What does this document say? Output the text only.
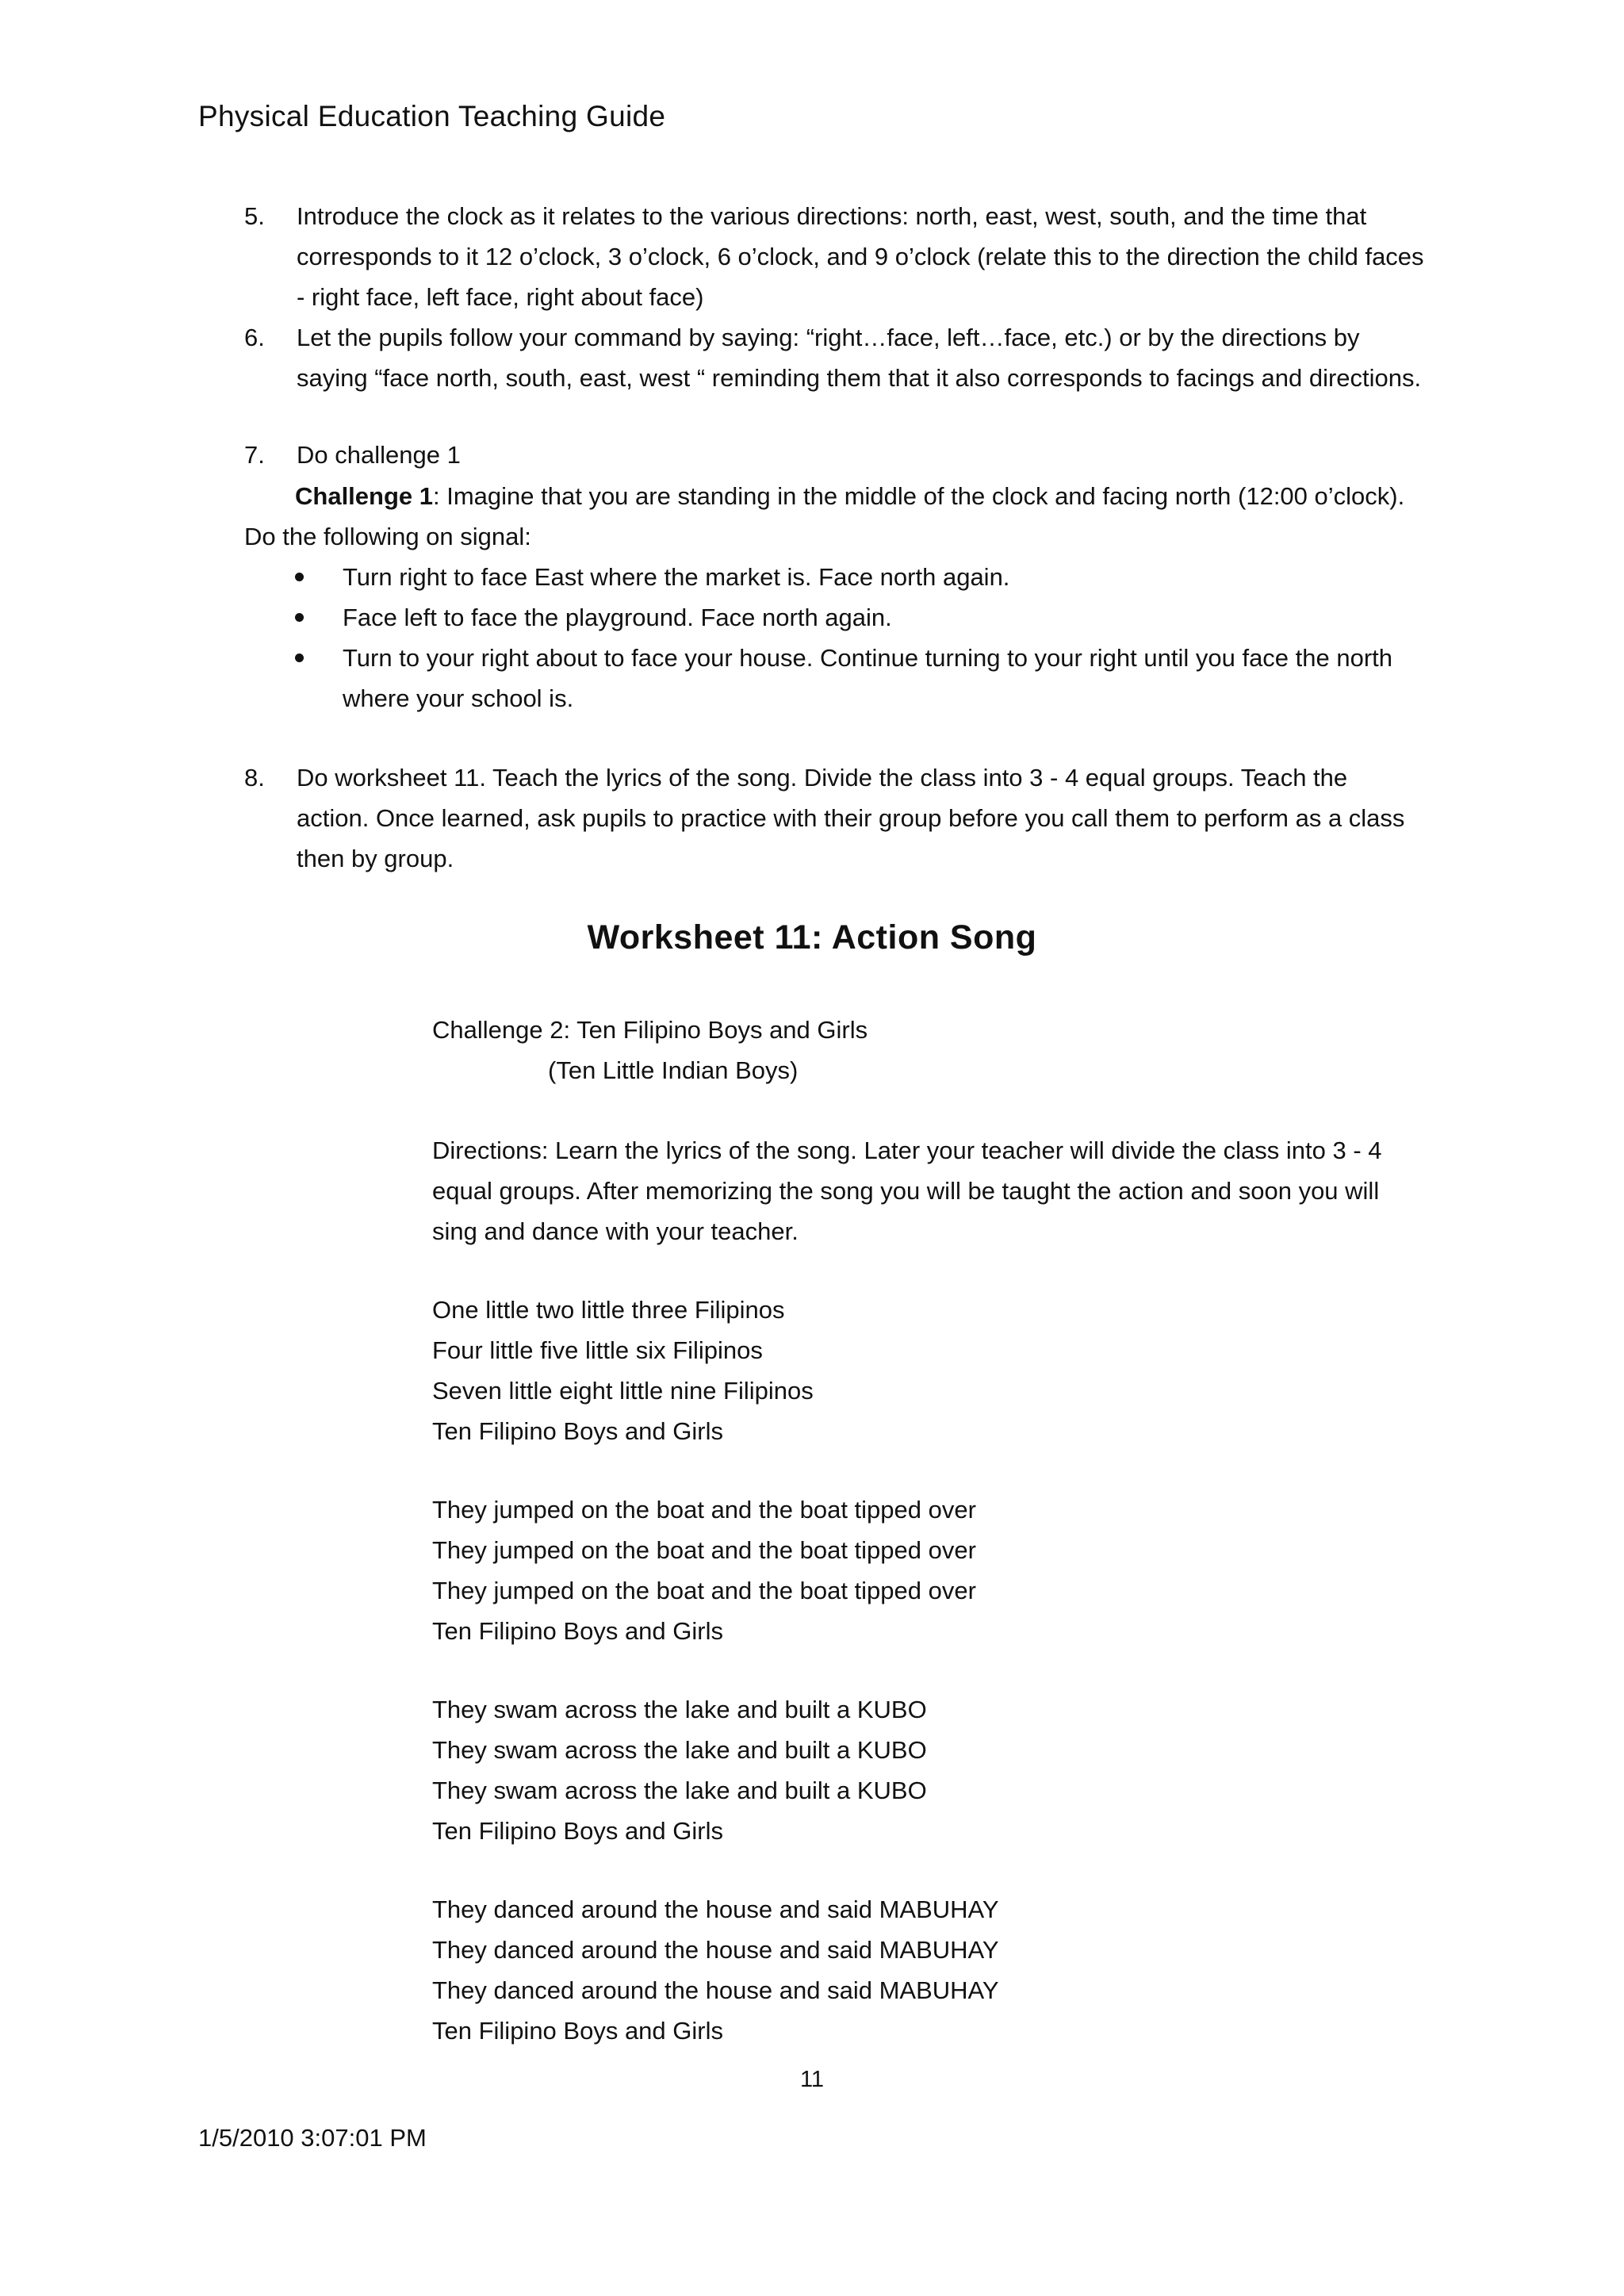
Physical Education Teaching Guide
5. Introduce the clock as it relates to the various directions: north, east, west, south, and the time that
corresponds to it 12 o’clock, 3 o’clock, 6 o’clock, and 9 o’clock (relate this to the direction the child faces
- right face, left face, right about face)
6. Let the pupils follow your command by saying: “right…face, left…face, etc.) or by the directions by
saying “face north, south, east, west “ reminding them that it also corresponds to facings and directions.
7. Do challenge 1
Challenge 1: Imagine that you are standing in the middle of the clock and facing north (12:00 o’clock).
Do the following on signal:
Turn right to face East where the market is. Face north again.
Face left to face the playground. Face north again.
Turn to your right about to face your house. Continue turning to your right until you face the north
where your school is.
8. Do worksheet 11. Teach the lyrics of the song. Divide the class into 3 - 4 equal groups. Teach the
action. Once learned, ask pupils to practice with their group before you call them to perform as a class
then by group.
Worksheet 11: Action Song
Challenge 2: Ten Filipino Boys and Girls
(Ten Little Indian Boys)
Directions: Learn the lyrics of the song. Later your teacher will divide the class into 3 - 4
equal groups. After memorizing the song you will be taught the action and soon you will
sing and dance with your teacher.
One little two little three Filipinos
Four little five little six Filipinos
Seven little eight little nine Filipinos
Ten Filipino Boys and Girls
They jumped on the boat and the boat tipped over
They jumped on the boat and the boat tipped over
They jumped on the boat and the boat tipped over
Ten Filipino Boys and Girls
They swam across the lake and built a KUBO
They swam across the lake and built a KUBO
They swam across the lake and built a KUBO
Ten Filipino Boys and Girls
They danced around the house and said MABUHAY
They danced around the house and said MABUHAY
They danced around the house and said MABUHAY
Ten Filipino Boys and Girls
11
1/5/2010 3:07:01 PM
